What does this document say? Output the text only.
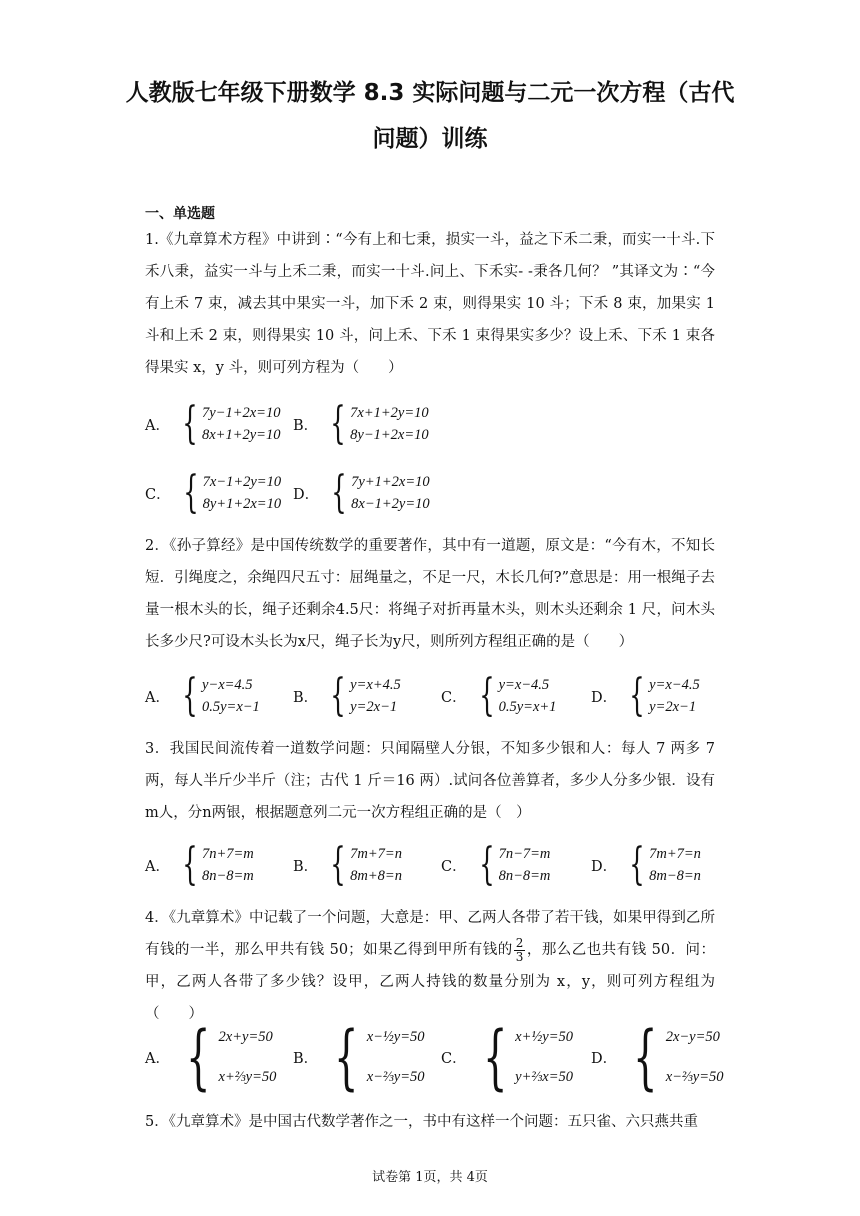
人教版七年级下册数学 8.3 实际问题与二元一次方程（古代
问题）训练
一、单选题
1.《九章算术方程》中讲到∶“今有上和七秉，损实一斗，益之下禾二秉，而实一十斗.下禾八秉，益实一斗与上禾二秉，而实一十斗.问上、下禾实- -秉各几何？ ”其译文为∶“今有上禾 7 束，减去其中果实一斗，加下禾 2 束，则得果实 10 斗；下禾 8 束，加果实 1 斗和上禾 2 束，则得果实 10 斗，问上禾、下禾 1 束得果实多少？设上禾、下禾 1 束各得果实 x，y 斗，则可列方程为（　　）
A． { 7y−1+2x=10
8x+1+2y=10
B． { 7x+1+2y=10
8y−1+2x=10
C． { 7x−1+2y=10
8y+1+2x=10
D． { 7y+1+2x=10
8x−1+2y=10
2．《孙子算经》是中国传统数学的重要著作，其中有一道题，原文是：“今有木，不知长短．引绳度之，余绳四尺五寸：屈绳量之，不足一尺，木长几何?”意思是：用一根绳子去量一根木头的长，绳子还剩余4.5尺：将绳子对折再量木头，则木头还剩余 1 尺，问木头长多少尺?可设木头长为x尺，绳子长为y尺，则所列方程组正确的是（　　）
A． { y−x=4.5
0.5y=x−1
B． { y=x+4.5
y=2x−1
C． { y=x−4.5
0.5y=x+1
D． { y=x−4.5
y=2x−1
3．我国民间流传着一道数学问题：只闻隔壁人分银，不知多少银和人：每人 7 两多 7 两，每人半斤少半斤（注；古代 1 斤＝16 两）.试问各位善算者，多少人分多少银．设有m人，分n两银，根据题意列二元一次方程组正确的是（　）
A． { 7n+7=m
8n−8=m
B． { 7m+7=n
8m+8=n
C． { 7n−7=m
8n−8=m
D． { 7m+7=n
8m−8=n
4．《九章算术》中记载了一个问题，大意是：甲、乙两人各带了若干钱，如果甲得到乙所有钱的一半，那么甲共有钱 50；如果乙得到甲所有钱的 $\frac{2}{3}$ ，那么乙也共有钱 50．问：甲，乙两人各带了多少钱？设甲，乙两人持钱的数量分别为 x，y，则可列方程组为（　　）
A． { 2x+y=50
x+⅔y=50
B． { x−½y=50
x−⅔y=50
C． { x+½y=50
y+⅔x=50
D． { 2x−y=50
x−⅔y=50
5．《九章算术》是中国古代数学著作之一，书中有这样一个问题：五只雀、六只燕共重
试卷第 1页，共 4页
